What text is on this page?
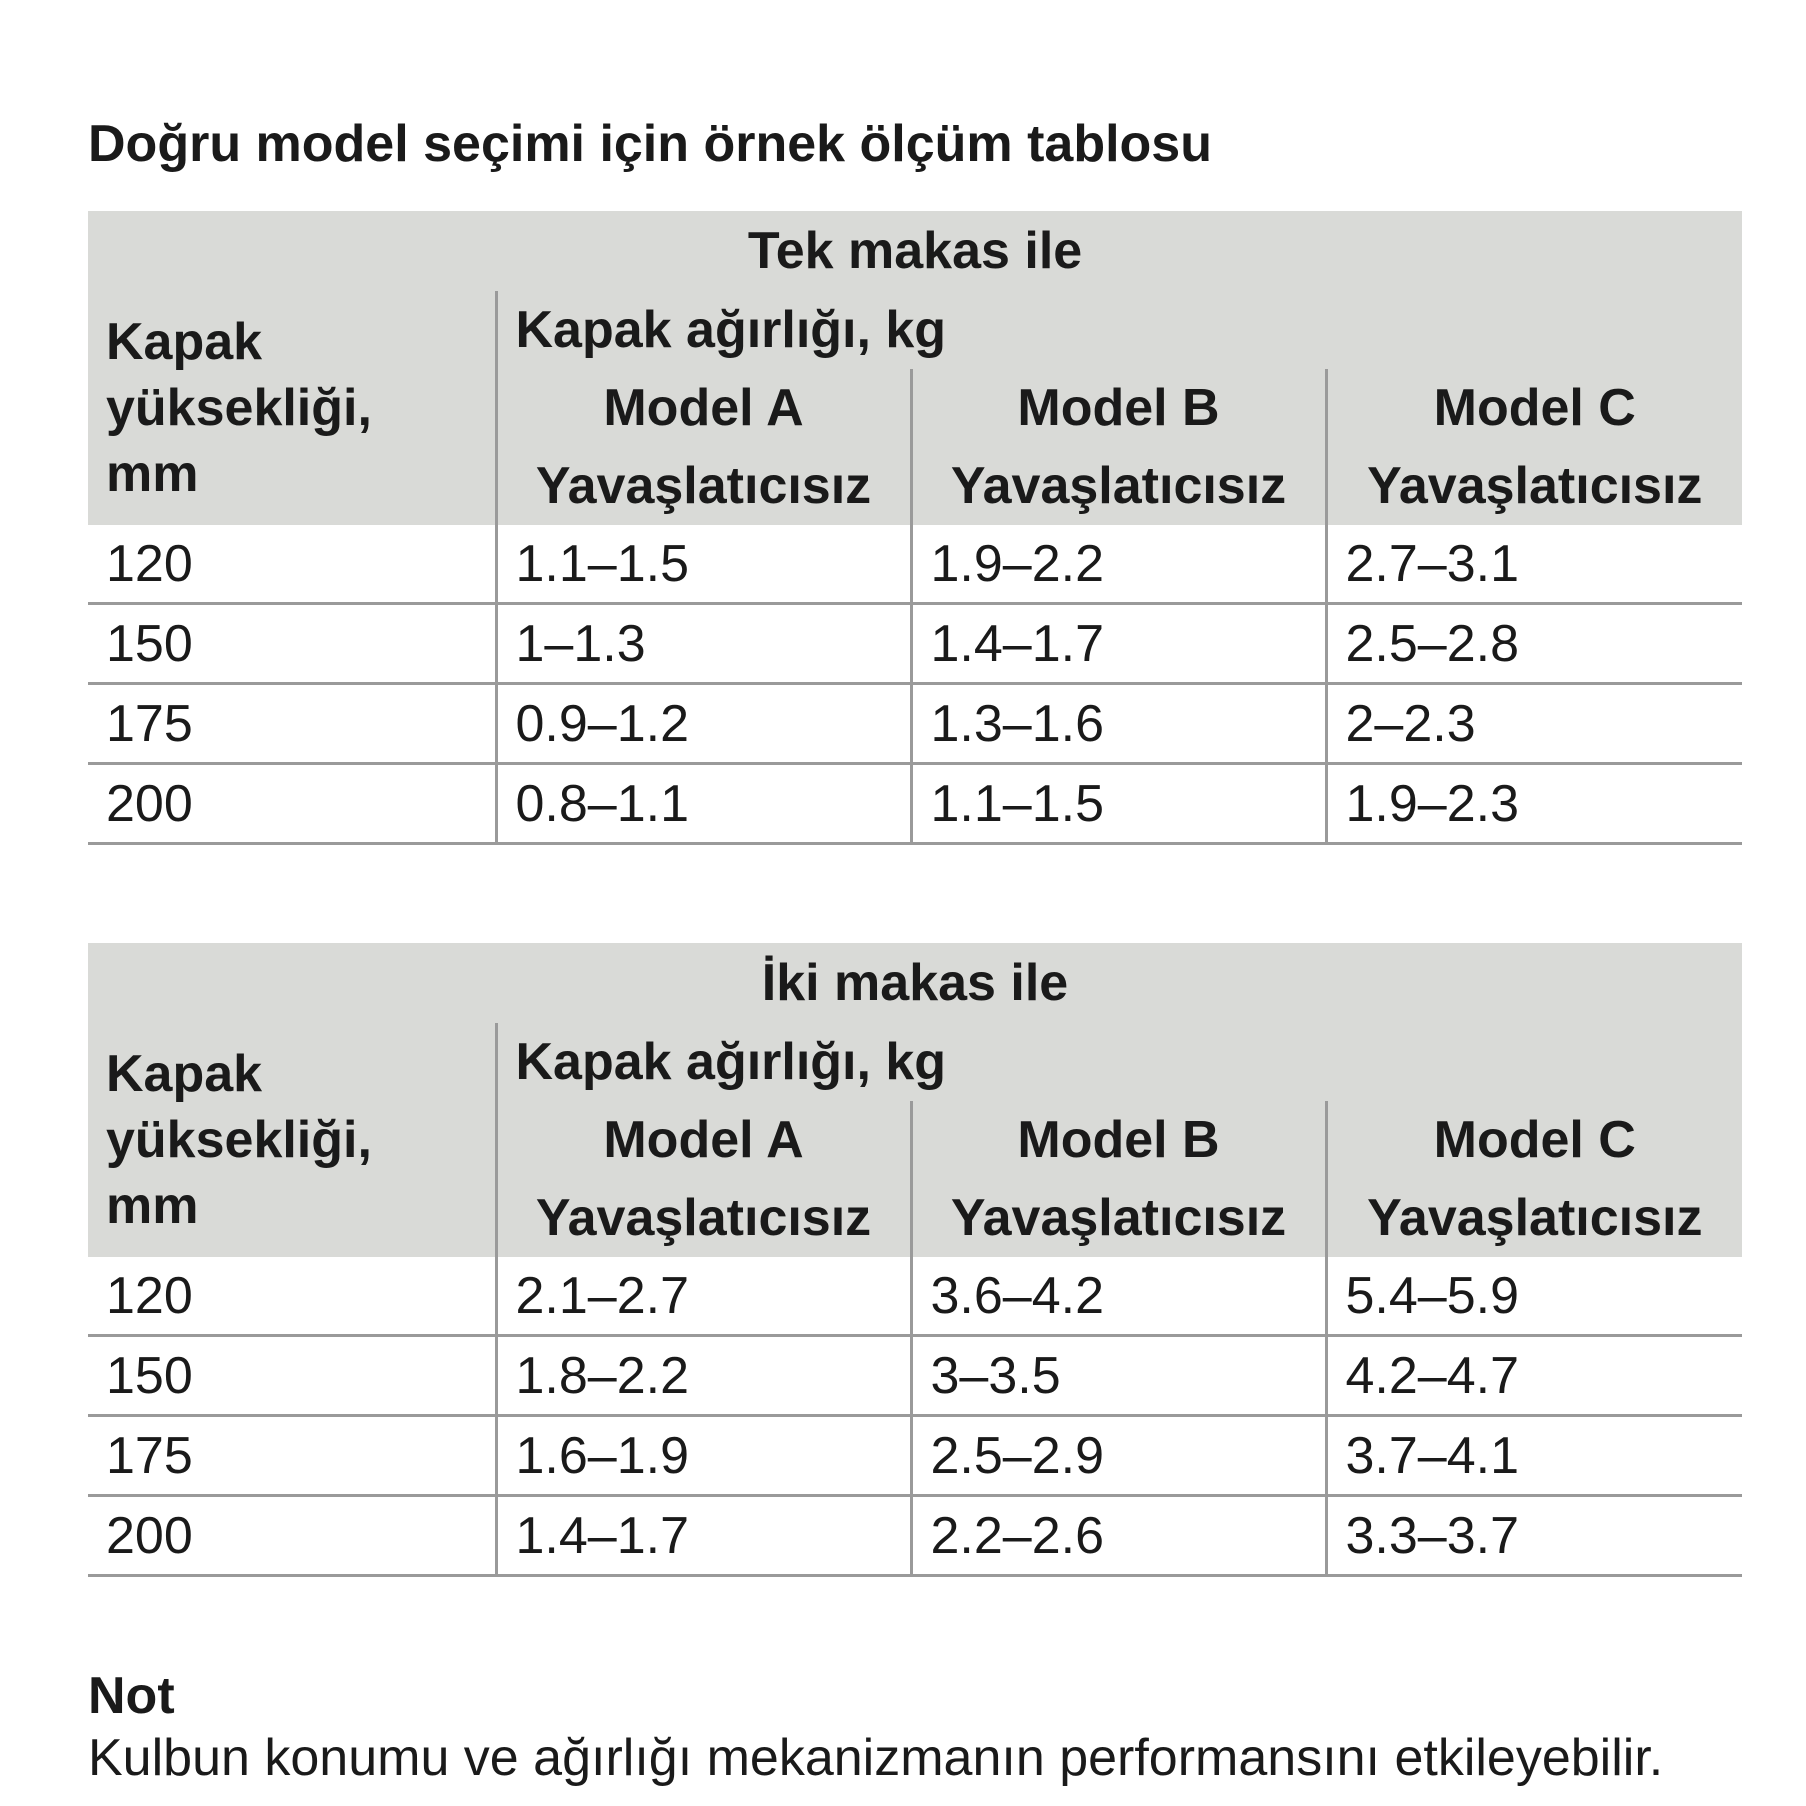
Doğru model seçimi için örnek ölçüm tablosu
Tek makas ile			
Kapak
yüksekliği,
mm	Kapak ağırlığı, kg		
	Model A	Model B	Model C
	Yavaşlatıcısız	Yavaşlatıcısız	Yavaşlatıcısız
120	1.1–1.5	1.9–2.2	2.7–3.1
150	1–1.3	1.4–1.7	2.5–2.8
175	0.9–1.2	1.3–1.6	2–2.3
200	0.8–1.1	1.1–1.5	1.9–2.3
İki makas ile			
Kapak
yüksekliği,
mm	Kapak ağırlığı, kg		
	Model A	Model B	Model C
	Yavaşlatıcısız	Yavaşlatıcısız	Yavaşlatıcısız
120	2.1–2.7	3.6–4.2	5.4–5.9
150	1.8–2.2	3–3.5	4.2–4.7
175	1.6–1.9	2.5–2.9	3.7–4.1
200	1.4–1.7	2.2–2.6	3.3–3.7
Not
Kulbun konumu ve ağırlığı mekanizmanın performansını etkileyebilir.
